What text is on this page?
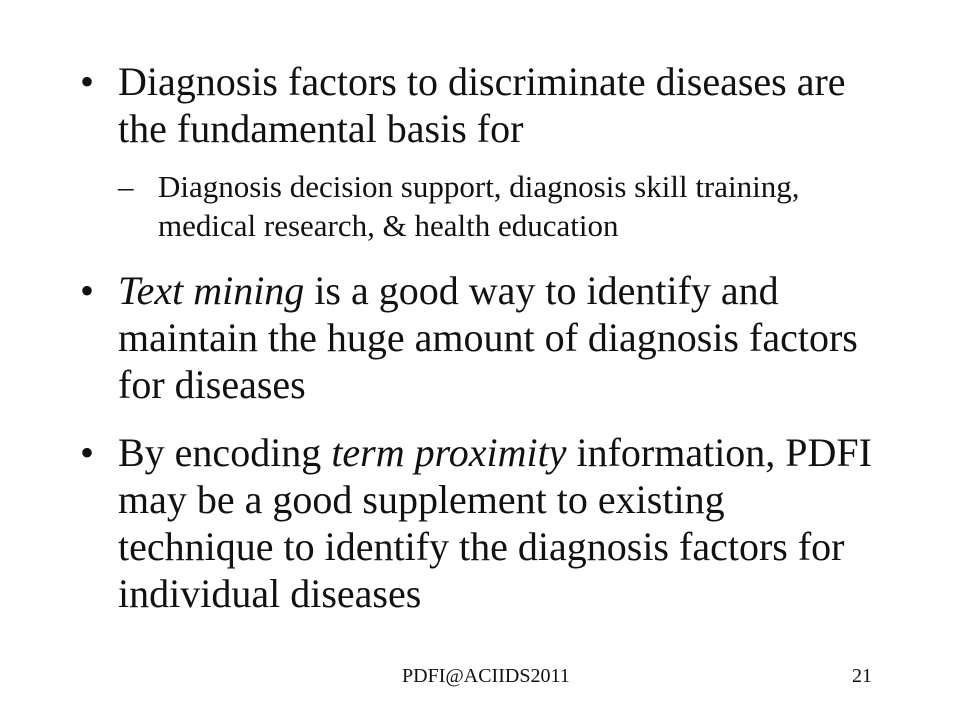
• Diagnosis factors to discriminate diseases are the fundamental basis for
– Diagnosis decision support, diagnosis skill training, medical research, & health education
• Text mining is a good way to identify and maintain the huge amount of diagnosis factors for diseases
• By encoding term proximity information, PDFI may be a good supplement to existing technique to identify the diagnosis factors for individual diseases
PDFI@ACIIDS2011	21
